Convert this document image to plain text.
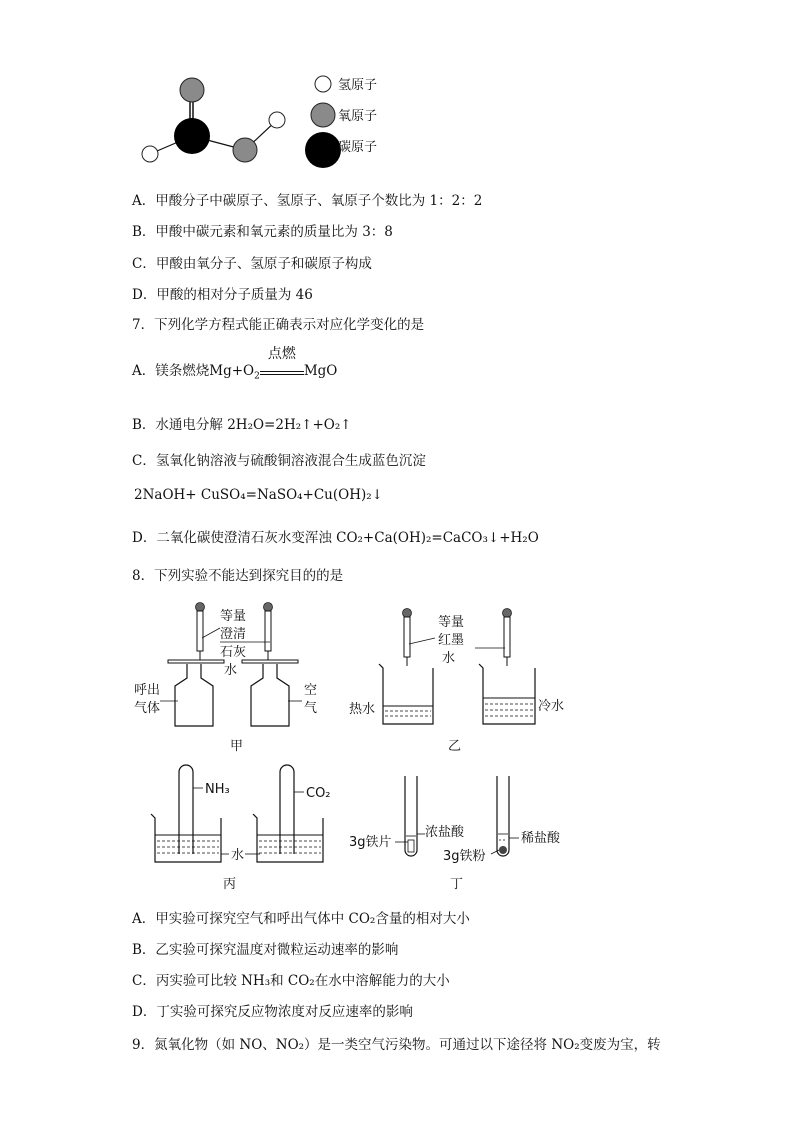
氢原子
氧原子
碳原子
A．甲酸分子中碳原子、氢原子、氧原子个数比为 1：2：2
B．甲酸中碳元素和氧元素的质量比为 3：8
C．甲酸由氧分子、氢原子和碳原子构成
D．甲酸的相对分子质量为 46
7．下列化学方程式能正确表示对应化学变化的是
A．镁条燃烧$Mg+O_2$
点燃
MgO
B．水通电分解 2H₂O=2H₂↑+O₂↑
C．氢氧化钠溶液与硫酸铜溶液混合生成蓝色沉淀
2NaOH+ CuSO₄=NaSO₄+Cu(OH)₂↓
D．二氧化碳使澄清石灰水变浑浊 CO₂+Ca(OH)₂=CaCO₃↓+H₂O
8．下列实验不能达到探究目的的是
等量
澄清
石灰
水
呼出
气体
空
气
甲
等量
红墨
水
热水	冷水
乙
NH₃	CO₂
水
丙
浓盐酸
3g铁片	稀盐酸
3g铁粉
丁
A．甲实验可探究空气和呼出气体中 CO₂含量的相对大小
B．乙实验可探究温度对微粒运动速率的影响
C．丙实验可比较 NH₃和 CO₂在水中溶解能力的大小
D．丁实验可探究反应物浓度对反应速率的影响
9．氮氧化物（如 NO、NO₂）是一类空气污染物。可通过以下途径将 NO₂变废为宝，转
